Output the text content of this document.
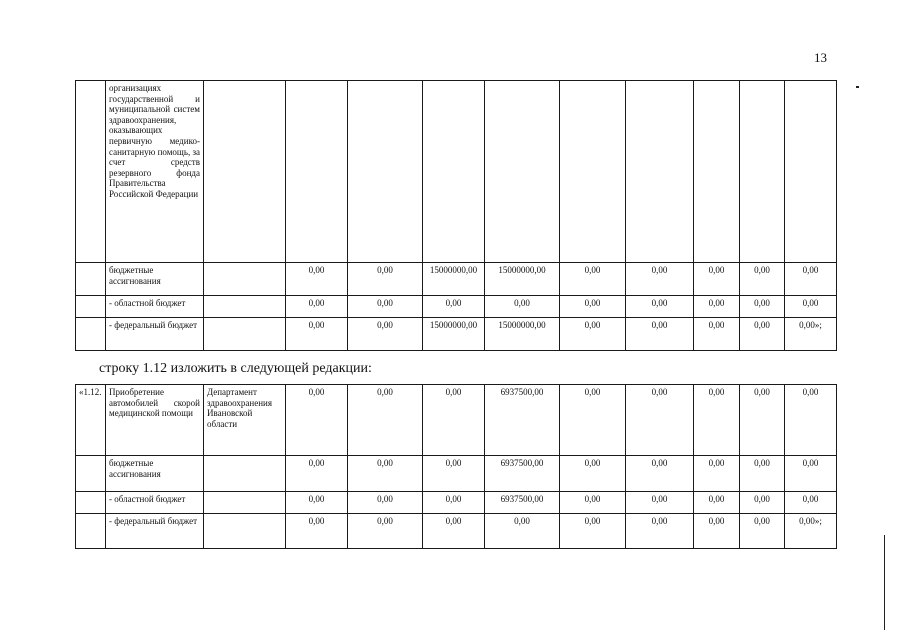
13
	организациях государственной и муниципальной систем здравоохранения, оказывающих первичную медико-санитарную помощь, за счет средств резервного фонда Правительства Российской Федерации										
	бюджетные ассигнования		0,00	0,00	15000000,00	15000000,00	0,00	0,00	0,00	0,00	0,00
	- областной бюджет		0,00	0,00	0,00	0,00	0,00	0,00	0,00	0,00	0,00
	- федеральный бюджет		0,00	0,00	15000000,00	15000000,00	0,00	0,00	0,00	0,00	0,00»;
строку 1.12 изложить в следующей редакции:
«1.12.	Приобретение автомобилей скорой медицинской помощи	Департамент здравоохранения Ивановской области	0,00	0,00	0,00	6937500,00	0,00	0,00	0,00	0,00	0,00
	бюджетные ассигнования		0,00	0,00	0,00	6937500,00	0,00	0,00	0,00	0,00	0,00
	- областной бюджет		0,00	0,00	0,00	6937500,00	0,00	0,00	0,00	0,00	0,00
	- федеральный бюджет		0,00	0,00	0,00	0,00	0,00	0,00	0,00	0,00	0,00»;
